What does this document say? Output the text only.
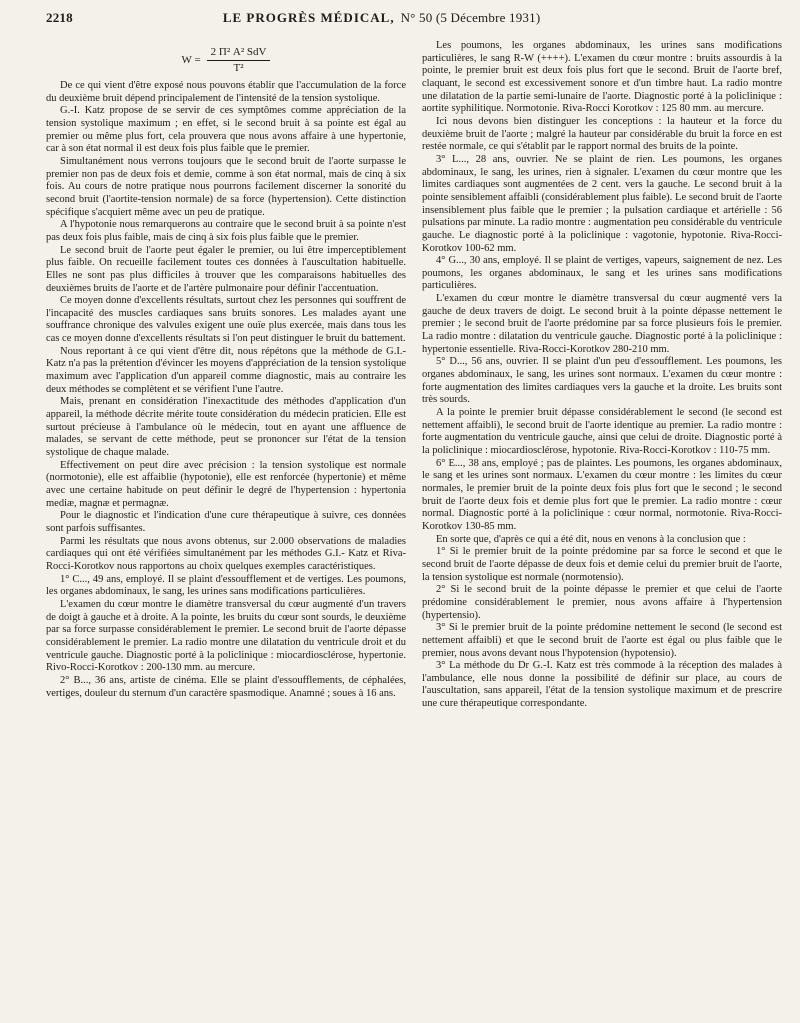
2218	LE PROGRÈS MÉDICAL, N° 50 (5 Décembre 1931)
$W = \frac{\text{2 Π² A² SdV}}{\text{T²}}$

De ce qui vient d'être exposé nous pouvons établir que l'accumulation de la force du deuxième bruit dépend principalement de l'intensité de la tension systolique.

G.-I. Katz propose de se servir de ces symptômes comme appréciation de la tension systolique maximum ; en effet, si le second bruit à sa pointe est égal au premier ou même plus fort, cela prouvera que nous avons affaire à une hypertonie, car à son état normal il est deux fois plus faible que le premier.

Simultanément nous verrons toujours que le second bruit de l'aorte surpasse le premier non pas de deux fois et demie, comme à son état normal, mais de cinq à six fois. Au cours de notre pratique nous pourrons facilement discerner la sonorité du second bruit (l'aortite-tension normale) de sa force (hypertension). Cette distinction spécifique s'acquiert même avec un peu de pratique.

A l'hypotonie nous remarquerons au contraire que le second bruit à sa pointe n'est pas deux fois plus faible, mais de cinq à six fois plus faible que le premier.

Le second bruit de l'aorte peut égaler le premier, ou lui être imperceptiblement plus faible. On recueille facilement toutes ces données à l'auscultation habituelle. Elles ne sont pas plus difficiles à trouver que les comparaisons habituelles des deuxièmes bruits de l'aorte et de l'artère pulmonaire pour définir l'accentuation.

Ce moyen donne d'excellents résultats, surtout chez les personnes qui souffrent de l'incapacité des muscles cardiaques sans bruits sonores. Les malades ayant une souffrance chronique des valvules exigent une ouïe plus exercée, mais dans tous les cas ce moyen donne d'excellents résultats si l'on peut distinguer le bruit du battement.

Nous reportant à ce qui vient d'être dit, nous répétons que la méthode de G.I.- Katz n'a pas la prétention d'évincer les moyens d'appréciation de la tension systolique maximum avec l'application d'un appareil comme diagnostic, mais au contraire les deux méthodes se complètent et se vérifient l'une l'autre.

Mais, prenant en considération l'inexactitude des méthodes d'application d'un appareil, la méthode décrite mérite toute considération du médecin praticien. Elle est surtout précieuse à l'ambulance où le médecin, tout en ayant une affluence de malades, se servant de cette méthode, peut se prononcer sur l'état de la tension systolique de chaque malade.

Effectivement on peut dire avec précision : la tension systolique est normale (normotonie), elle est affaiblie (hypotonie), elle est renforcée (hypertonie) et même avec une certaine habitude on peut définir le degré de l'hypertension : hypertonia mediæ, magnæ et permagnæ.

Pour le diagnostic et l'indication d'une cure thérapeutique à suivre, ces données sont parfois suffisantes.

Parmi les résultats que nous avons obtenus, sur 2.000 observations de maladies cardiaques qui ont été vérifiées simultanément par les méthodes G.I.- Katz et Riva-Rocci-Korotkov nous rapportons au choix quelques exemples caractéristiques.

1° C..., 49 ans, employé. Il se plaint d'essoufflement et de vertiges. Les poumons, les organes abdominaux, le sang, les urines sans modifications particulières.

L'examen du cœur montre le diamètre transversal du cœur augmenté d'un travers de doigt à gauche et à droite. A la pointe, les bruits du cœur sont sourds, le deuxième par sa force surpasse considérablement le premier. Le second bruit de l'aorte dépasse considérablement le premier. La radio montre une dilatation du ventricule droit et du ventricule gauche. Diagnostic porté à la policlinique : miocardiosclérose, hypertonie. Rivo-Rocci-Korotkov : 200-130 mm. au mercure.

2° B..., 36 ans, artiste de cinéma. Elle se plaint d'essoufflements, de céphalées, vertiges, douleur du sternum d'un caractère spasmodique. Anamné ; soues à 16 ans.

Les poumons, les organes abdominaux, les urines sans modifications particulières, le sang R-W (++++). L'examen du cœur montre : bruits assourdis à la pointe, le premier bruit est deux fois plus fort que le second. Bruit de l'aorte bref, claquant, le second est excessivement sonore et d'un timbre haut. La radio montre une dilatation de la partie semi-lunaire de l'aorte. Diagnostic porté à la policlinique : aortite syphilitique. Normotonie. Riva-Rocci Korotkov : 125 80 mm. au mercure.

Ici nous devons bien distinguer les conceptions : la hauteur et la force du deuxième bruit de l'aorte ; malgré la hauteur par considérable du bruit la force en est restée normale, ce qui s'établit par le rapport normal des bruits de la pointe.

3° L..., 28 ans, ouvrier. Ne se plaint de rien. Les poumons, les organes abdominaux, le sang, les urines, rien à signaler. L'examen du cœur montre que les limites cardiaques sont augmentées de 2 cent. vers la gauche. Le second bruit à la pointe sensiblement affaibli (considérablement plus faible). Le second bruit de l'aorte insensiblement plus faible que le premier ; la pulsation cardiaque et artérielle : 56 pulsations par minute. La radio montre : augmentation peu considérable du ventricule gauche. Le diagnostic porté à la policlinique : vagotonie, hypotonie. Riva-Rocci-Korotkov 100-62 mm.

4° G..., 30 ans, employé. Il se plaint de vertiges, vapeurs, saignement de nez. Les poumons, les organes abdominaux, le sang et les urines sans modifications particulières.

L'examen du cœur montre le diamètre transversal du cœur augmenté vers la gauche de deux travers de doigt. Le second bruit à la pointe dépasse nettement le premier ; le second bruit de l'aorte prédomine par sa force plusieurs fois le premier. La radio montre : dilatation du ventricule gauche. Diagnostic porté à la policlinique : hypertonie essentielle. Riva-Rocci-Korotkov 280-210 mm.

5° D..., 56 ans, ouvrier. Il se plaint d'un peu d'essoufflement. Les poumons, les organes abdominaux, le sang, les urines sont normaux. L'examen du cœur montre : forte augmentation des limites cardiaques vers la gauche et la droite. Les bruits sont très sourds.

A la pointe le premier bruit dépasse considérablement le second (le second est nettement affaibli), le second bruit de l'aorte identique au premier. La radio montre : forte augmentation du ventricule gauche, ainsi que celui de droite. Diagnostic porté à la policlinique : miocardiosclérose, hypotonie. Riva-Rocci-Korotkov : 110-75 mm.

6° E..., 38 ans, employé ; pas de plaintes. Les poumons, les organes abdominaux, le sang et les urines sont normaux. L'examen du cœur montre : les limites du cœur normales, le premier bruit de la pointe deux fois plus fort que le second ; le second bruit de l'aorte deux fois et demie plus fort que le premier. La radio montre : cœur normal. Diagnostic porté à la policlinique : cœur normal, normotonie. Riva-Rocci-Korotkov 130-85 mm.

En sorte que, d'après ce qui a été dit, nous en venons à la conclusion que :

1° Si le premier bruit de la pointe prédomine par sa force le second et que le second bruit de l'aorte dépasse de deux fois et demie celui du premier bruit de l'aorte, la tension systolique est normale (normotensio).

2° Si le second bruit de la pointe dépasse le premier et que celui de l'aorte prédomine considérablement le premier, nous avons affaire à l'hypertension (hypertensio).

3° Si le premier bruit de la pointe prédomine nettement le second (le second est nettement affaibli) et que le second bruit de l'aorte est égal ou plus faible que le premier, nous avons devant nous l'hypotension (hypotensio).

3° La méthode du Dr G.-I. Katz est très commode à la réception des malades à l'ambulance, elle nous donne la possibilité de définir sur place, au cours de l'auscultation, sans appareil, l'état de la tension systolique maximum et de prescrire une cure thérapeutique correspondante.
